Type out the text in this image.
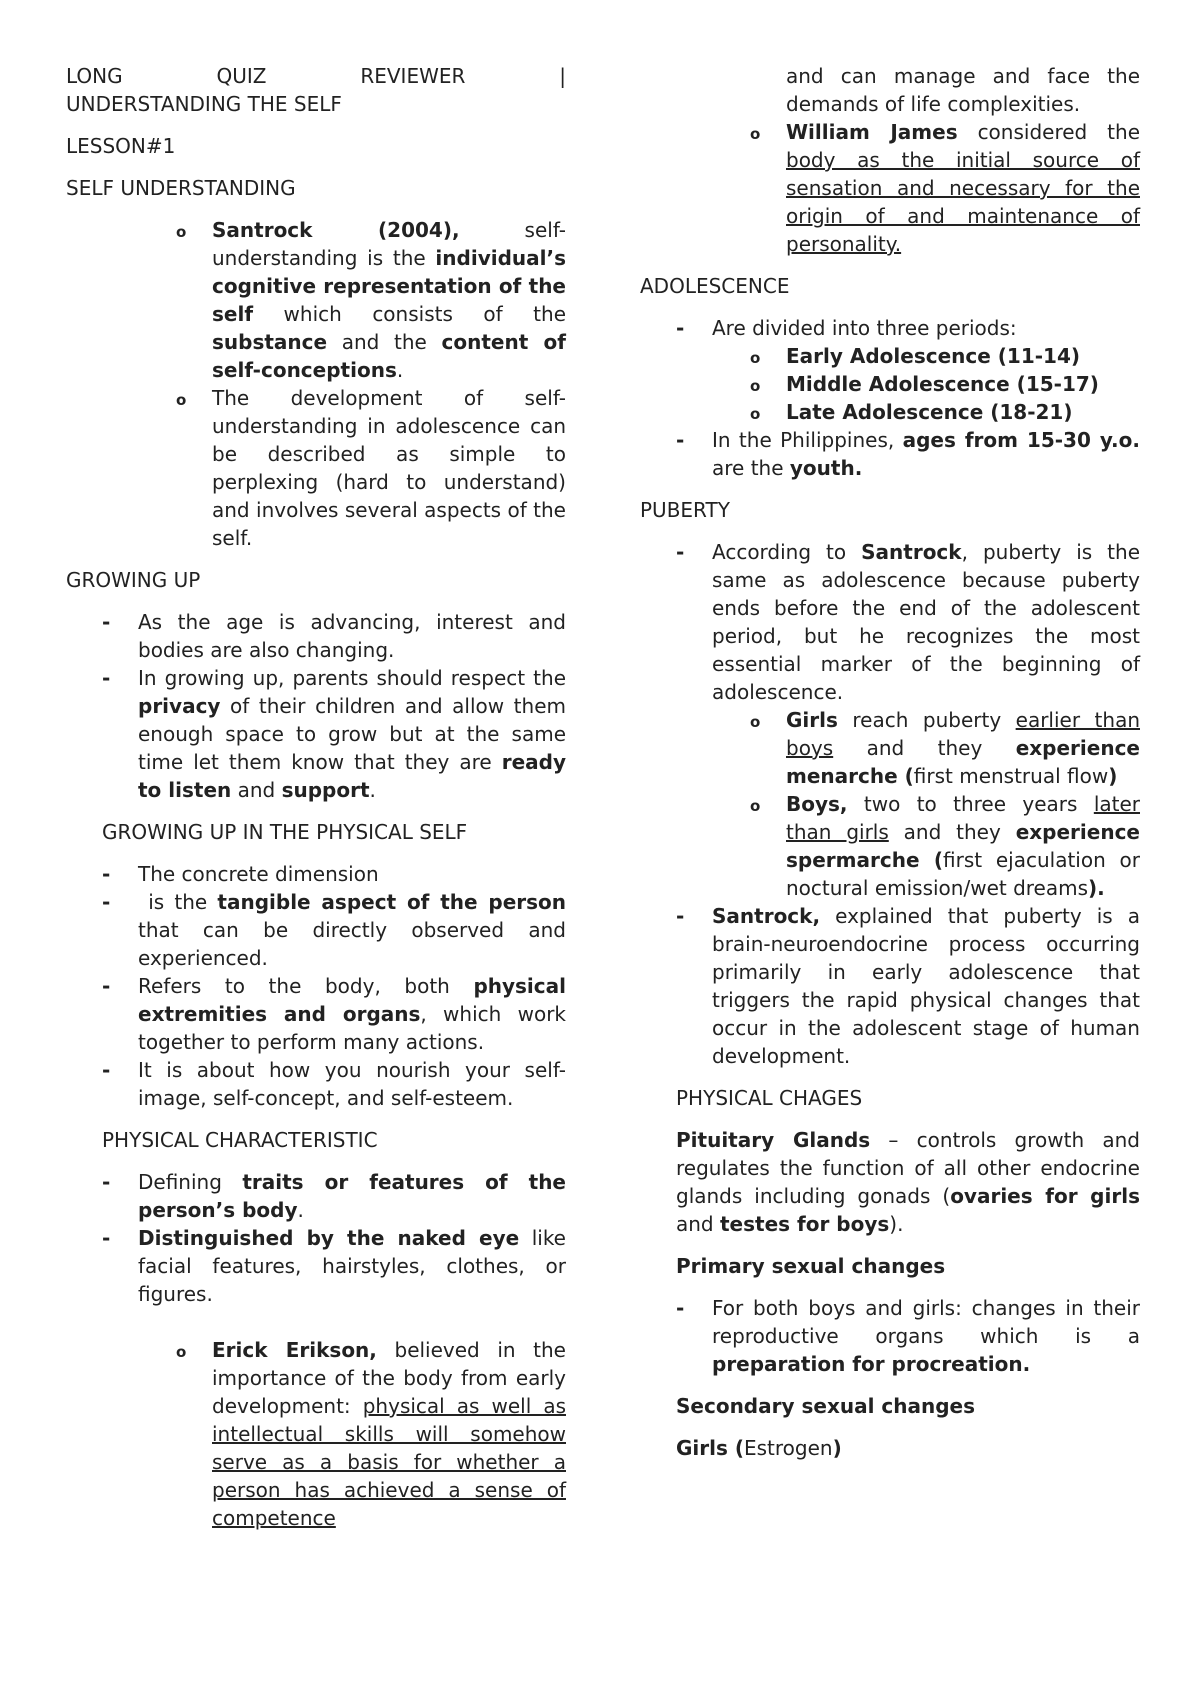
LONG	QUIZ	REVIEWER	|

UNDERSTANDING THE SELF

LESSON#1

SELF UNDERSTANDING

o Santrock (2004), self-understanding is the individual’s cognitive representation of the self which consists of the substance and the content of self-conceptions.
o The development of self-understanding in adolescence can be described as simple to perplexing (hard to understand) and involves several aspects of the self.

GROWING UP

- As the age is advancing, interest and bodies are also changing.
- In growing up, parents should respect the privacy of their children and allow them enough space to grow but at the same time let them know that they are ready to listen and support.

GROWING UP IN THE PHYSICAL SELF

- The concrete dimension
- is the tangible aspect of the person that can be directly observed and experienced.
- Refers to the body, both physical extremities and organs, which work together to perform many actions.
- It is about how you nourish your self-image, self-concept, and self-esteem.

PHYSICAL CHARACTERISTIC

- Defining traits or features of the person’s body.
- Distinguished by the naked eye like facial features, hairstyles, clothes, or figures.
o Erick Erikson, believed in the importance of the body from early development: physical as well as intellectual skills will somehow serve as a basis for whether a person has achieved a sense of competence
and can manage and face the demands of life complexities.
o William James considered the body as the initial source of sensation and necessary for the origin of and maintenance of personality.

ADOLESCENCE

- Are divided into three periods:
o Early Adolescence (11-14)
o Middle Adolescence (15-17)
o Late Adolescence (18-21)
- In the Philippines, ages from 15-30 y.o. are the youth.

PUBERTY

- According to Santrock, puberty is the same as adolescence because puberty ends before the end of the adolescent period, but he recognizes the most essential marker of the beginning of adolescence.
o Girls reach puberty earlier than boys and they experience menarche (first menstrual flow)
o Boys, two to three years later than girls and they experience spermarche (first ejaculation or noctural emission/wet dreams).
- Santrock, explained that puberty is a brain-neuroendocrine process occurring primarily in early adolescence that triggers the rapid physical changes that occur in the adolescent stage of human development.

PHYSICAL CHAGES

Pituitary Glands – controls growth and regulates the function of all other endocrine glands including gonads (ovaries for girls and testes for boys).

Primary sexual changes

- For both boys and girls: changes in their reproductive organs which is a preparation for procreation.

Secondary sexual changes

Girls (Estrogen)
